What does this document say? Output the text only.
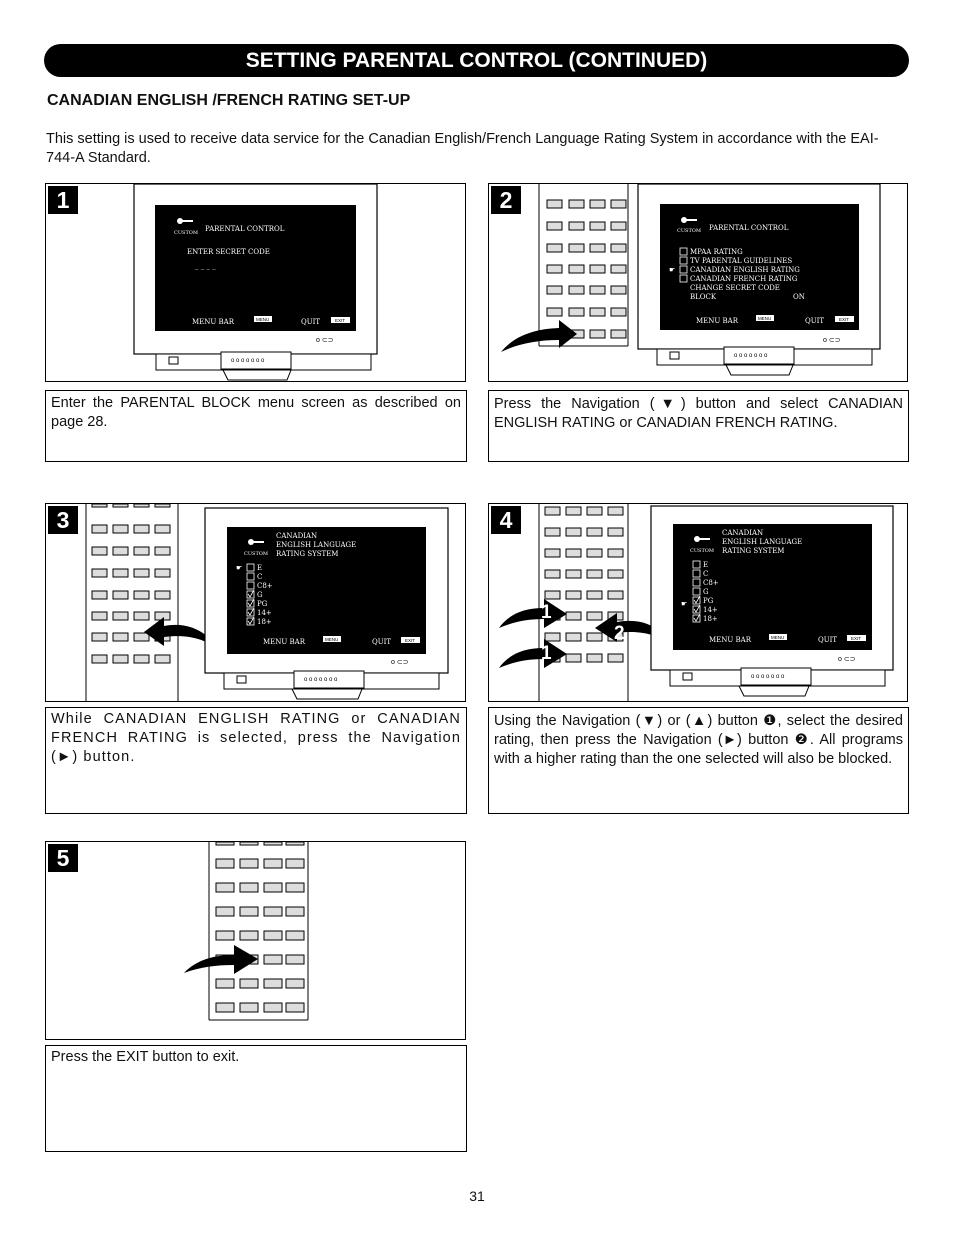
SETTING PARENTAL CONTROL (CONTINUED)
CANADIAN ENGLISH /FRENCH RATING SET-UP
This setting is used to receive data service for the Canadian English/French Language Rating System in accordance with the EAI-744-A Standard.
o o o o o o o
o ⊂⊃
CUSTOM PARENTAL CONTROL
ENTER SECRET CODE
_ _ _ _
MENU BAR	MENU	QUIT	EXIT
1
Enter the PARENTAL BLOCK menu screen as described on page 28.
o o o o o o o
o ⊂⊃
CUSTOM PARENTAL CONTROL
MPAA RATING
TV PARENTAL GUIDELINES
CANADIAN ENGLISH RATING
CANADIAN FRENCH RATING
CHANGE SECRET CODE
BLOCK	ON
☛
MENU BAR	MENU	QUIT	EXIT
2
Press the Navigation (▼) button and select CANADIAN ENGLISH RATING or CANADIAN FRENCH RATING.
o o o o o o o
o ⊂⊃
CUSTOM
CANADIAN
ENGLISH LANGUAGE
RATING SYSTEM
☛ E
C
C8+
G
PG
14+
18+
MENU BAR	MENU	QUIT	EXIT
3
While CANADIAN ENGLISH RATING or CANADIAN FRENCH RATING is selected, press the Navigation (►) button.
1
1
2
o o o o o o o
o ⊂⊃
CUSTOM
CANADIAN
ENGLISH LANGUAGE
RATING SYSTEM
☛
E
C
C8+
G
PG
14+
18+
MENU BAR	MENU	QUIT	EXIT
4
Using the Navigation (▼) or (▲) button ❶, select the desired rating, then press the Navigation (►) button ❷. All programs with a higher rating than the one selected will also be blocked.
5
Press the EXIT button to exit.
31
